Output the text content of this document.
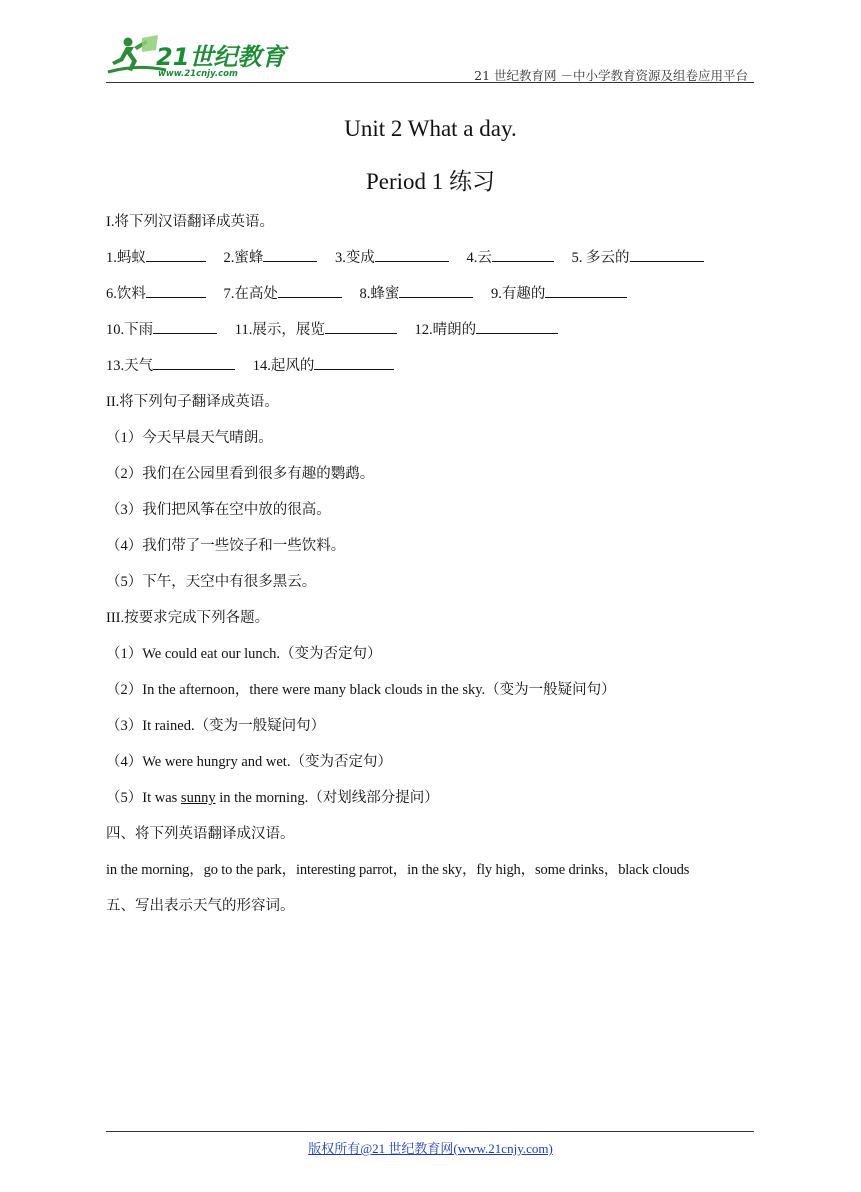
21世纪教育
www.21cnjy.com	21 世纪教育网 －中小学教育资源及组卷应用平台
Unit 2 What a day.
Period 1 练习
I.将下列汉语翻译成英语。
1.蚂蚁	2.蜜蜂	3.变成	4.云	5. 多云的
6.饮料	7.在高处	8.蜂蜜	9.有趣的
10.下雨	11.展示，展览	12.晴朗的
13.天气	14.起风的
II.将下列句子翻译成英语。
（1）今天早晨天气晴朗。
（2）我们在公园里看到很多有趣的鹦鹉。
（3）我们把风筝在空中放的很高。
（4）我们带了一些饺子和一些饮料。
（5）下午，天空中有很多黑云。
III.按要求完成下列各题。
（1）We could eat our lunch.（变为否定句）
（2）In the afternoon，there were many black clouds in the sky.（变为一般疑问句）
（3）It rained.（变为一般疑问句）
（4）We were hungry and wet.（变为否定句）
（5）It was sunny in the morning.（对划线部分提问）
四、将下列英语翻译成汉语。
in the morning，go to the park，interesting parrot，in the sky，fly high，some drinks，black clouds
五、写出表示天气的形容词。
版权所有@21 世纪教育网(www.21cnjy.com)
